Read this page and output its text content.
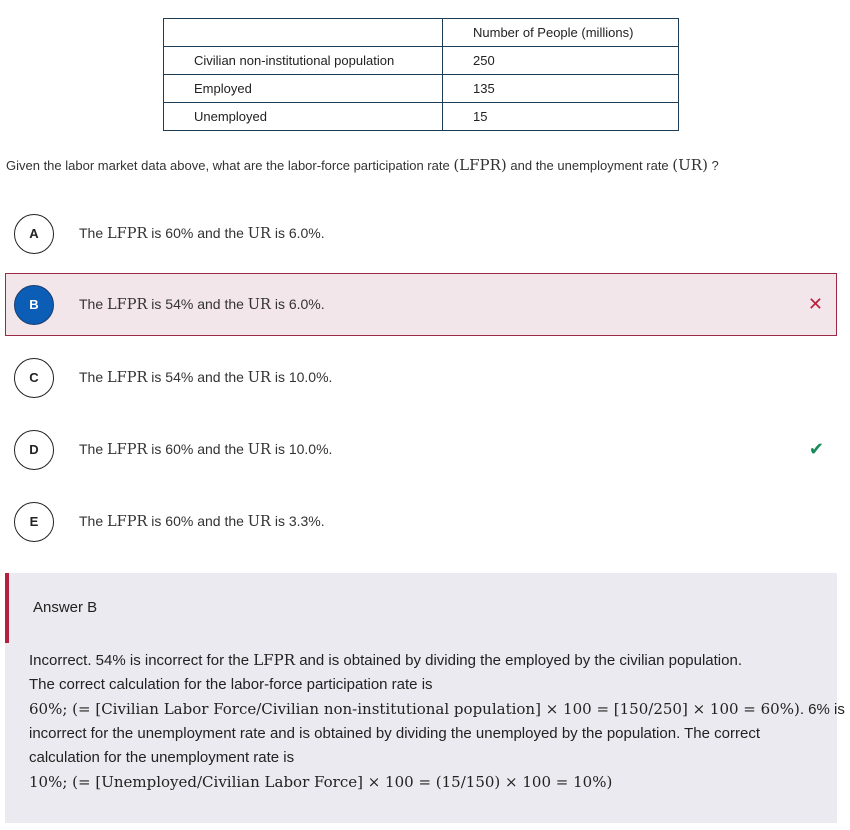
	Number of People (millions)
Civilian non-institutional population	250
Employed	135
Unemployed	15
Given the labor market data above, what are the labor-force participation rate (LFPR) and the unemployment rate (UR) ?
A	The LFPR is 60% and the UR is 6.0%.
B	The LFPR is 54% and the UR is 6.0%.	✕
C	The LFPR is 54% and the UR is 10.0%.
D	The LFPR is 60% and the UR is 10.0%.	✔
E	The LFPR is 60% and the UR is 3.3%.
Answer B
Incorrect. 54% is incorrect for the LFPR and is obtained by dividing the employed by the civilian population.
The correct calculation for the labor-force participation rate is
60%; (= [Civilian Labor Force/Civilian non-institutional population] × 100 = [150/250] × 100 = 60%). 6% is
incorrect for the unemployment rate and is obtained by dividing the unemployed by the population. The correct
calculation for the unemployment rate is
10%; (= [Unemployed/Civilian Labor Force] × 100 = (15/150) × 100 = 10%)
